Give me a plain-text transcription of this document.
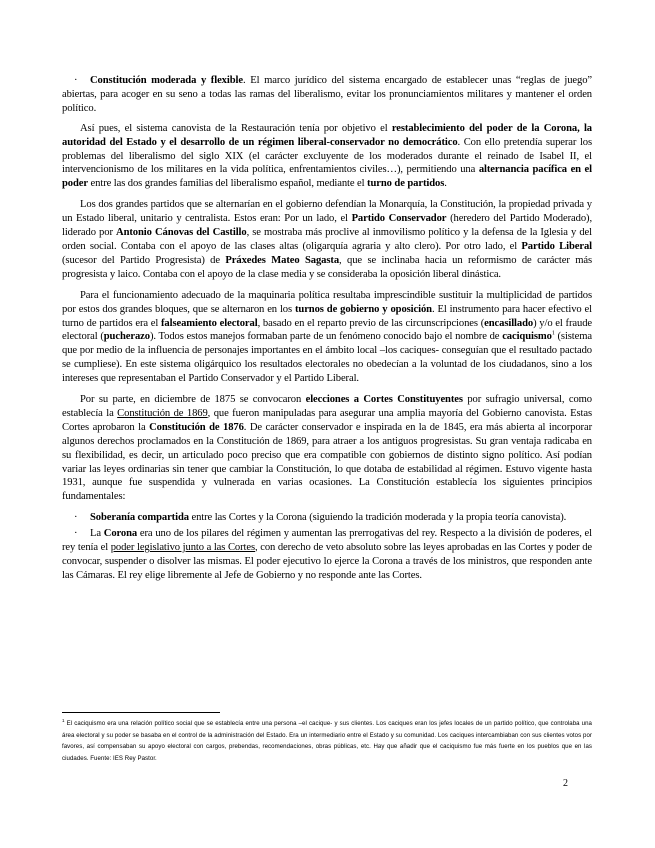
· Constitución moderada y flexible. El marco jurídico del sistema encargado de establecer unas “reglas de juego” abiertas, para acoger en su seno a todas las ramas del liberalismo, evitar los pronunciamientos militares y mantener el orden político.

Así pues, el sistema canovista de la Restauración tenía por objetivo el restablecimiento del poder de la Corona, la autoridad del Estado y el desarrollo de un régimen liberal-conservador no democrático. Con ello pretendía superar los problemas del liberalismo del siglo XIX (el carácter excluyente de los moderados durante el reinado de Isabel II, el intervencionismo de los militares en la vida política, enfrentamientos civiles…), permitiendo una alternancia pacífica en el poder entre las dos grandes familias del liberalismo español, mediante el turno de partidos.

Los dos grandes partidos que se alternarían en el gobierno defendían la Monarquía, la Constitución, la propiedad privada y un Estado liberal, unitario y centralista. Estos eran: Por un lado, el Partido Conservador (heredero del Partido Moderado), liderado por Antonio Cánovas del Castillo, se mostraba más proclive al inmovilismo político y la defensa de la Iglesia y del orden social. Contaba con el apoyo de las clases altas (oligarquía agraria y alto clero). Por otro lado, el Partido Liberal (sucesor del Partido Progresista) de Práxedes Mateo Sagasta, que se inclinaba hacia un reformismo de carácter más progresista y laico. Contaba con el apoyo de la clase media y se consideraba la oposición liberal dinástica.

Para el funcionamiento adecuado de la maquinaria política resultaba imprescindible sustituir la multiplicidad de partidos por estos dos grandes bloques, que se alternaron en los turnos de gobierno y oposición. El instrumento para hacer efectivo el turno de partidos era el falseamiento electoral, basado en el reparto previo de las circunscripciones (encasillado) y/o el fraude electoral (pucherazo). Todos estos manejos formaban parte de un fenómeno conocido bajo el nombre de caciquismo$^1$ (sistema que por medio de la influencia de personajes importantes en el ámbito local –los caciques- conseguían que el resultado pactado se cumpliese). En este sistema oligárquico los resultados electorales no obedecían a la voluntad de los ciudadanos, sino a los intereses que representaban el Partido Conservador y el Partido Liberal.

Por su parte, en diciembre de 1875 se convocaron elecciones a Cortes Constituyentes por sufragio universal, como establecía la Constitución de 1869, que fueron manipuladas para asegurar una amplia mayoría del Gobierno canovista. Estas Cortes aprobaron la Constitución de 1876. De carácter conservador e inspirada en la de 1845, era más abierta al incorporar algunos derechos proclamados en la Constitución de 1869, para atraer a los antiguos progresistas. Su gran ventaja radicaba en su flexibilidad, es decir, un articulado poco preciso que era compatible con gobiernos de distinto signo político. Así podían variar las leyes ordinarias sin tener que cambiar la Constitución, lo que dotaba de estabilidad al régimen. Estuvo vigente hasta 1931, aunque fue suspendida y vulnerada en varias ocasiones. La Constitución establecía los siguientes principios fundamentales:

· Soberanía compartida entre las Cortes y la Corona (siguiendo la tradición moderada y la propia teoría canovista).

· La Corona era uno de los pilares del régimen y aumentan las prerrogativas del rey. Respecto a la división de poderes, el rey tenía el poder legislativo junto a las Cortes, con derecho de veto absoluto sobre las leyes aprobadas en las Cortes y poder de convocar, suspender o disolver las mismas. El poder ejecutivo lo ejerce la Corona a través de los ministros, que responden ante las Cámaras. El rey elige libremente al Jefe de Gobierno y no responde ante las Cortes.

$^1$ El caciquismo era una relación político social que se establecía entre una persona –el cacique- y sus clientes. Los caciques eran los jefes locales de un partido político, que controlaba una área electoral y su poder se basaba en el control de la administración del Estado. Era un intermediario entre el Estado y su comunidad. Los caciques intercambiaban con sus clientes votos por favores, así compensaban su apoyo electoral con cargos, prebendas, recomendaciones, obras públicas, etc. Hay que añadir que el caciquismo fue más fuerte en los pueblos que en las ciudades. Fuente: IES Rey Pastor.
2
